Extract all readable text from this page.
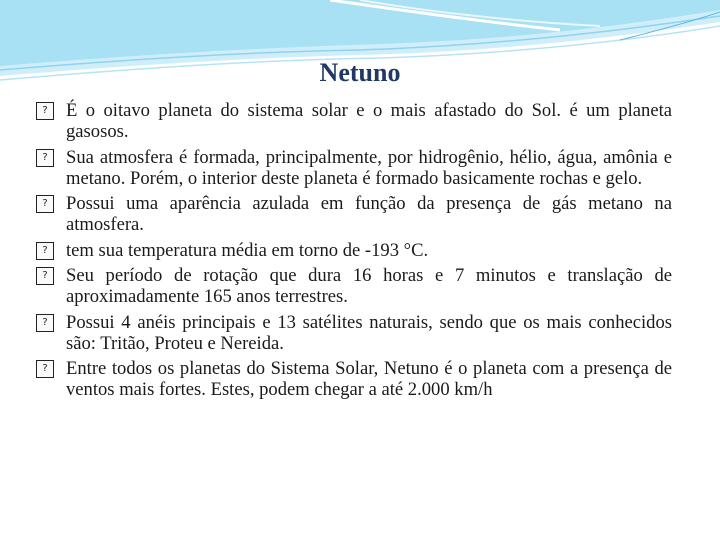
Netuno

? É o oitavo planeta do sistema solar e o mais afastado do Sol. é um planeta gasosos.

? Sua atmosfera é formada, principalmente, por hidrogênio, hélio, água, amônia e metano. Porém, o interior deste planeta é formado basicamente rochas e gelo.

? Possui uma aparência azulada em função da presença de gás metano na atmosfera.

? tem sua temperatura média em torno de -193 °C.

? Seu período de rotação que dura 16 horas e 7 minutos e translação de aproximadamente 165 anos terrestres.

? Possui 4 anéis principais e 13 satélites naturais, sendo que os mais conhecidos são: Tritão, Proteu e Nereida.

? Entre todos os planetas do Sistema Solar, Netuno é o planeta com a presença de ventos mais fortes. Estes, podem chegar a até 2.000 km/h
